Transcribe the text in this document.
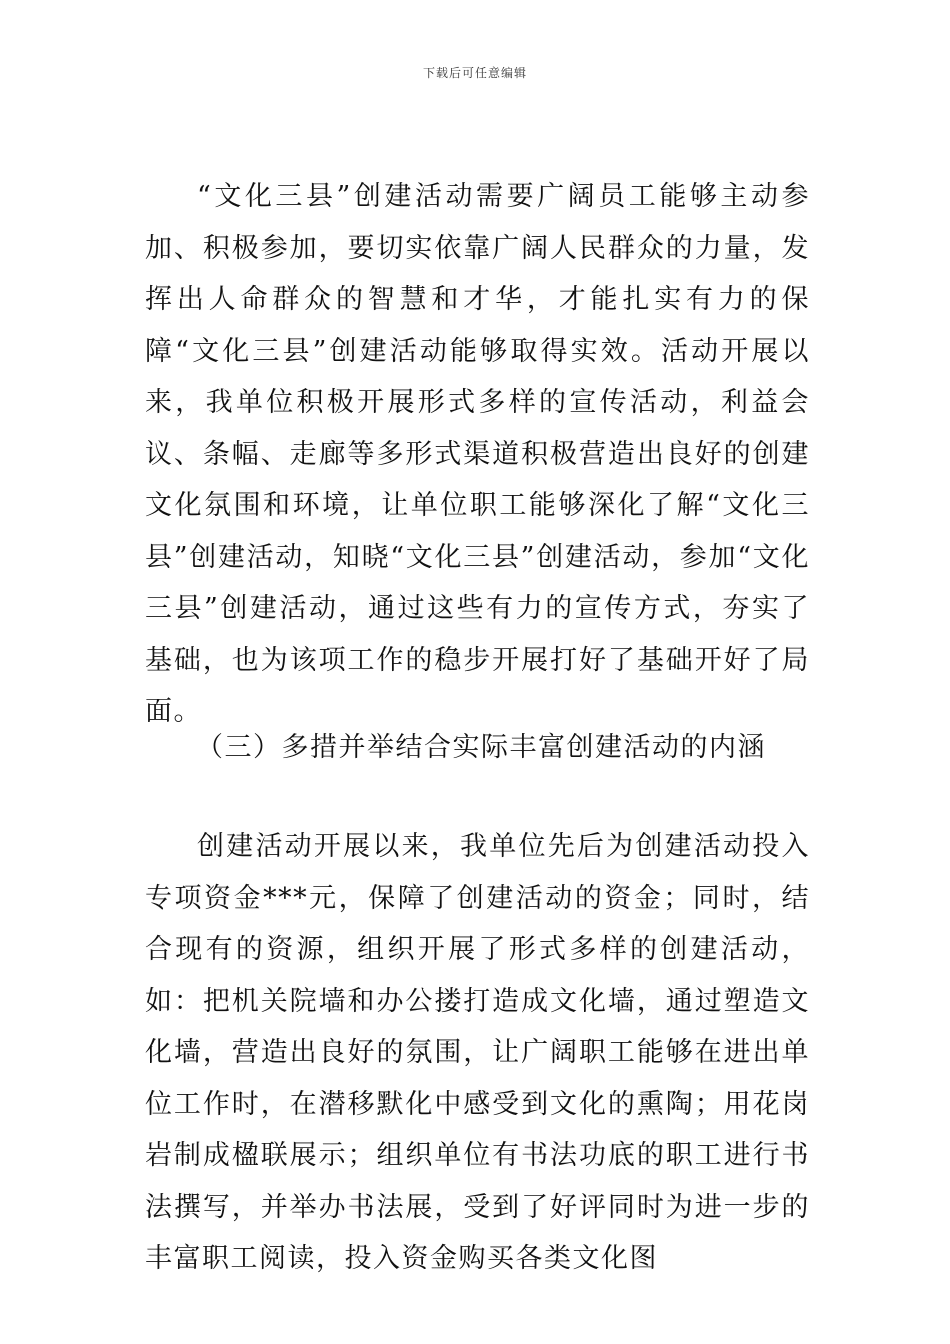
下载后可任意编辑

“文化三县”创建活动需要广阔员工能够主动参加、积极参加，要切实依靠广阔人民群众的力量，发挥出人命群众的智慧和才华，才能扎实有力的保障“文化三县”创建活动能够取得实效。活动开展以来，我单位积极开展形式多样的宣传活动，利益会议、条幅、走廊等多形式渠道积极营造出良好的创建文化氛围和环境，让单位职工能够深化了解“文化三县”创建活动，知晓“文化三县”创建活动，参加“文化三县”创建活动，通过这些有力的宣传方式，夯实了基础，也为该项工作的稳步开展打好了基础开好了局面。

（三）多措并举结合实际丰富创建活动的内涵

创建活动开展以来，我单位先后为创建活动投入专项资金***元，保障了创建活动的资金；同时，结合现有的资源，组织开展了形式多样的创建活动，如：把机关院墙和办公搂打造成文化墙，通过塑造文化墙，营造出良好的氛围，让广阔职工能够在进出单位工作时，在潜移默化中感受到文化的熏陶；用花岗岩制成楹联展示；组织单位有书法功底的职工进行书法撰写，并举办书法展，受到了好评同时为进一步的丰富职工阅读，投入资金购买各类文化图
